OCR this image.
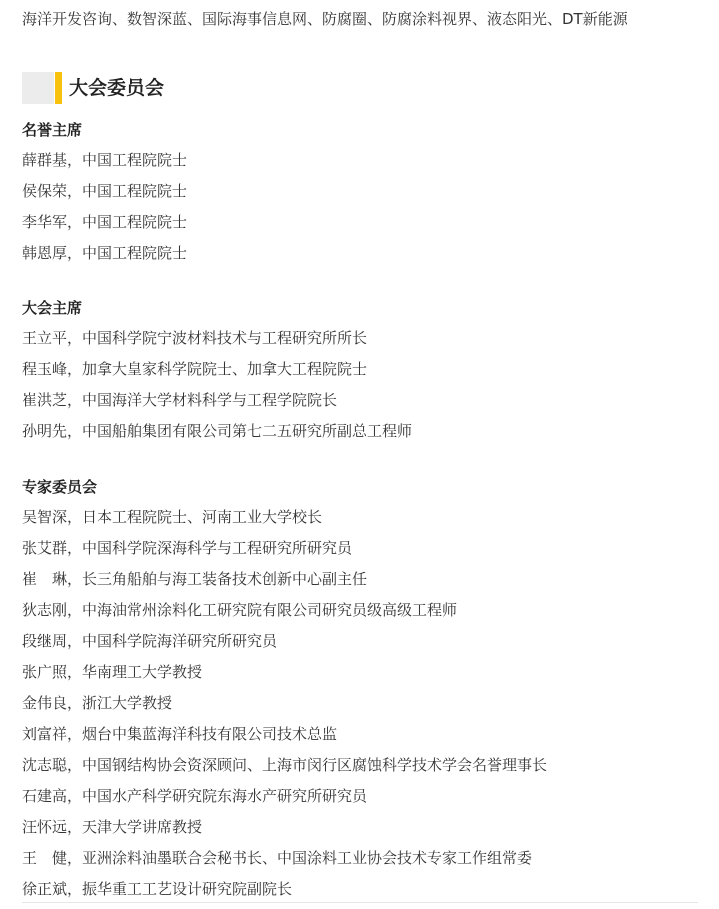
海洋开发咨询、数智深蓝、国际海事信息网、防腐圈、防腐涂料视界、液态阳光、DT新能源
大会委员会
名誉主席
薛群基，中国工程院院士
侯保荣，中国工程院院士
李华军，中国工程院院士
韩恩厚，中国工程院院士
大会主席
王立平，中国科学院宁波材料技术与工程研究所所长
程玉峰，加拿大皇家科学院院士、加拿大工程院院士
崔洪芝，中国海洋大学材料科学与工程学院院长
孙明先，中国船舶集团有限公司第七二五研究所副总工程师
专家委员会
吴智深，日本工程院院士、河南工业大学校长
张艾群，中国科学院深海科学与工程研究所研究员
崔　琳，长三角船舶与海工装备技术创新中心副主任
狄志刚，中海油常州涂料化工研究院有限公司研究员级高级工程师
段继周，中国科学院海洋研究所研究员
张广照，华南理工大学教授
金伟良，浙江大学教授
刘富祥，烟台中集蓝海洋科技有限公司技术总监
沈志聪，中国钢结构协会资深顾问、上海市闵行区腐蚀科学技术学会名誉理事长
石建高，中国水产科学研究院东海水产研究所研究员
汪怀远，天津大学讲席教授
王　健，亚洲涂料油墨联合会秘书长、中国涂料工业协会技术专家工作组常委
徐正斌，振华重工工艺设计研究院副院长
